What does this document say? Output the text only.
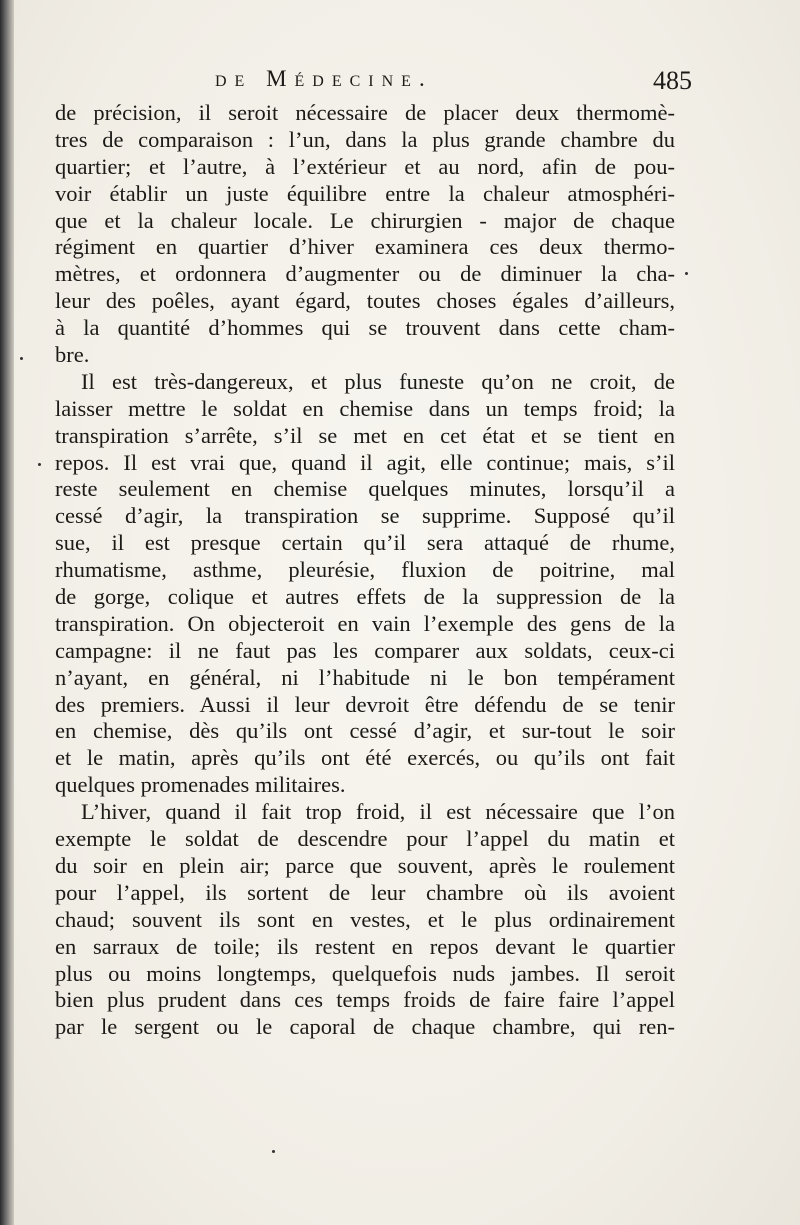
de Médecine.	485
de précision, il seroit nécessaire de placer deux thermomè-
tres de comparaison : l’un, dans la plus grande chambre du
quartier; et l’autre, à l’extérieur et au nord, afin de pou-
voir établir un juste équilibre entre la chaleur atmosphéri-
que et la chaleur locale. Le chirurgien - major de chaque
régiment en quartier d’hiver examinera ces deux thermo-
mètres, et ordonnera d’augmenter ou de diminuer la cha-
leur des poêles, ayant égard, toutes choses égales d’ailleurs,
à la quantité d’hommes qui se trouvent dans cette cham-
bre.
Il est très-dangereux, et plus funeste qu’on ne croit, de
laisser mettre le soldat en chemise dans un temps froid; la
transpiration s’arrête, s’il se met en cet état et se tient en
repos. Il est vrai que, quand il agit, elle continue; mais, s’il
reste seulement en chemise quelques minutes, lorsqu’il a
cessé d’agir, la transpiration se supprime. Supposé qu’il
sue, il est presque certain qu’il sera attaqué de rhume,
rhumatisme, asthme, pleurésie, fluxion de poitrine, mal
de gorge, colique et autres effets de la suppression de la
transpiration. On objecteroit en vain l’exemple des gens de la
campagne: il ne faut pas les comparer aux soldats, ceux-ci
n’ayant, en général, ni l’habitude ni le bon tempérament
des premiers. Aussi il leur devroit être défendu de se tenir
en chemise, dès qu’ils ont cessé d’agir, et sur-tout le soir
et le matin, après qu’ils ont été exercés, ou qu’ils ont fait
quelques promenades militaires.
L’hiver, quand il fait trop froid, il est nécessaire que l’on
exempte le soldat de descendre pour l’appel du matin et
du soir en plein air; parce que souvent, après le roulement
pour l’appel, ils sortent de leur chambre où ils avoient
chaud; souvent ils sont en vestes, et le plus ordinairement
en sarraux de toile; ils restent en repos devant le quartier
plus ou moins longtemps, quelquefois nuds jambes. Il seroit
bien plus prudent dans ces temps froids de faire faire l’appel
par le sergent ou le caporal de chaque chambre, qui ren-
